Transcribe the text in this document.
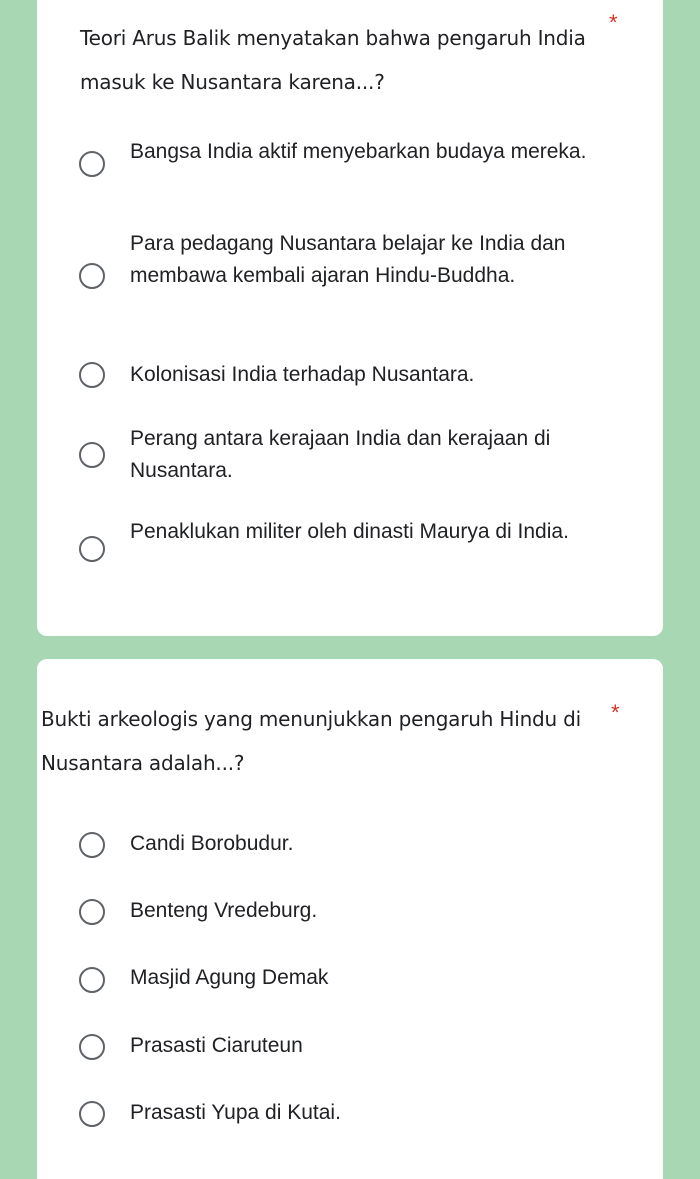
Teori Arus Balik menyatakan bahwa pengaruh India masuk ke Nusantara karena...?
*
Bangsa India aktif menyebarkan budaya mereka.
Para pedagang Nusantara belajar ke India dan membawa kembali ajaran Hindu-Buddha.
Kolonisasi India terhadap Nusantara.
Perang antara kerajaan India dan kerajaan di Nusantara.
Penaklukan militer oleh dinasti Maurya di India.
Bukti arkeologis yang menunjukkan pengaruh Hindu di Nusantara adalah...?
*
Candi Borobudur.
Benteng Vredeburg.
Masjid Agung Demak
Prasasti Ciaruteun
Prasasti Yupa di Kutai.
